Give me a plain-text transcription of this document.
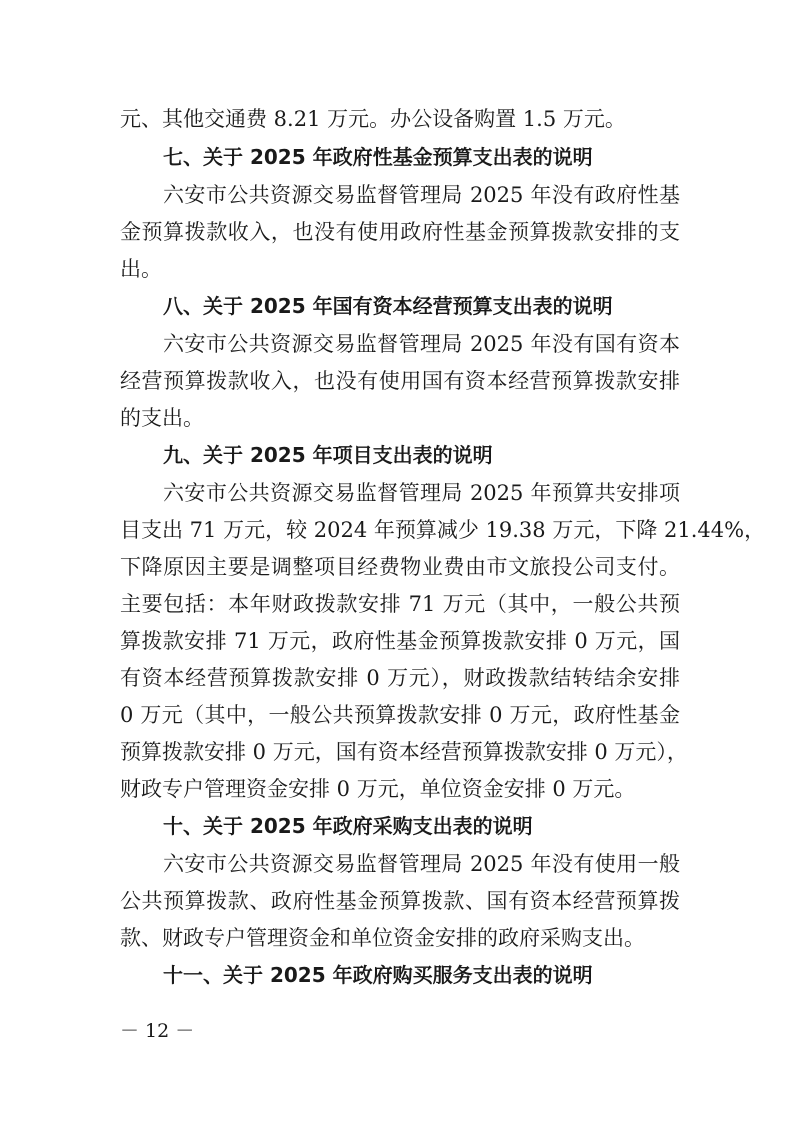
元、其他交通费 8.21 万元。办公设备购置 1.5 万元。
七、关于 2025 年政府性基金预算支出表的说明
六安市公共资源交易监督管理局 2025 年没有政府性基
金预算拨款收入，也没有使用政府性基金预算拨款安排的支
出。
八、关于 2025 年国有资本经营预算支出表的说明
六安市公共资源交易监督管理局 2025 年没有国有资本
经营预算拨款收入，也没有使用国有资本经营预算拨款安排
的支出。
九、关于 2025 年项目支出表的说明
六安市公共资源交易监督管理局 2025 年预算共安排项
目支出 71 万元，较 2024 年预算减少 19.38 万元，下降 21.44%，
下降原因主要是调整项目经费物业费由市文旅投公司支付。
主要包括：本年财政拨款安排 71 万元（其中，一般公共预
算拨款安排 71 万元，政府性基金预算拨款安排 0 万元，国
有资本经营预算拨款安排 0 万元），财政拨款结转结余安排
0 万元（其中，一般公共预算拨款安排 0 万元，政府性基金
预算拨款安排 0 万元，国有资本经营预算拨款安排 0 万元），
财政专户管理资金安排 0 万元，单位资金安排 0 万元。
十、关于 2025 年政府采购支出表的说明
六安市公共资源交易监督管理局 2025 年没有使用一般
公共预算拨款、政府性基金预算拨款、国有资本经营预算拨
款、财政专户管理资金和单位资金安排的政府采购支出。
十一、关于 2025 年政府购买服务支出表的说明
－ 12 －
